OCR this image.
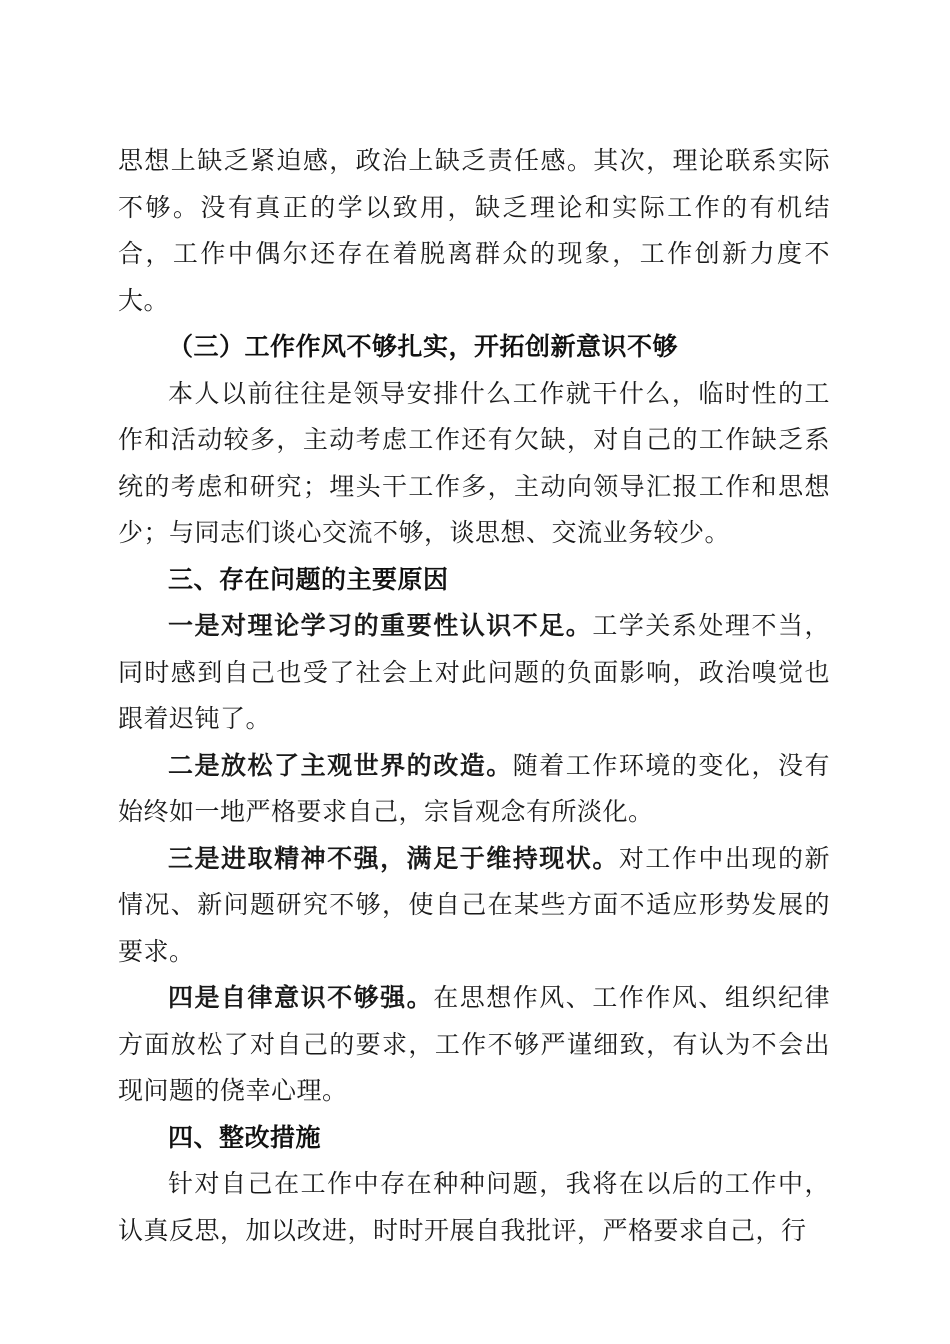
思想上缺乏紧迫感，政治上缺乏责任感。其次，理论联系实际不够。没有真正的学以致用，缺乏理论和实际工作的有机结合，工作中偶尔还存在着脱离群众的现象，工作创新力度不大。

（三）工作作风不够扎实，开拓创新意识不够

本人以前往往是领导安排什么工作就干什么，临时性的工作和活动较多，主动考虑工作还有欠缺，对自己的工作缺乏系统的考虑和研究；埋头干工作多，主动向领导汇报工作和思想少；与同志们谈心交流不够，谈思想、交流业务较少。

三、存在问题的主要原因

一是对理论学习的重要性认识不足。工学关系处理不当，同时感到自己也受了社会上对此问题的负面影响，政治嗅觉也跟着迟钝了。

二是放松了主观世界的改造。随着工作环境的变化，没有始终如一地严格要求自己，宗旨观念有所淡化。

三是进取精神不强，满足于维持现状。对工作中出现的新情况、新问题研究不够，使自己在某些方面不适应形势发展的要求。

四是自律意识不够强。在思想作风、工作作风、组织纪律方面放松了对自己的要求，工作不够严谨细致，有认为不会出现问题的侥幸心理。

四、整改措施

针对自己在工作中存在种种问题，我将在以后的工作中，认真反思，加以改进，时时开展自我批评，严格要求自己，行
